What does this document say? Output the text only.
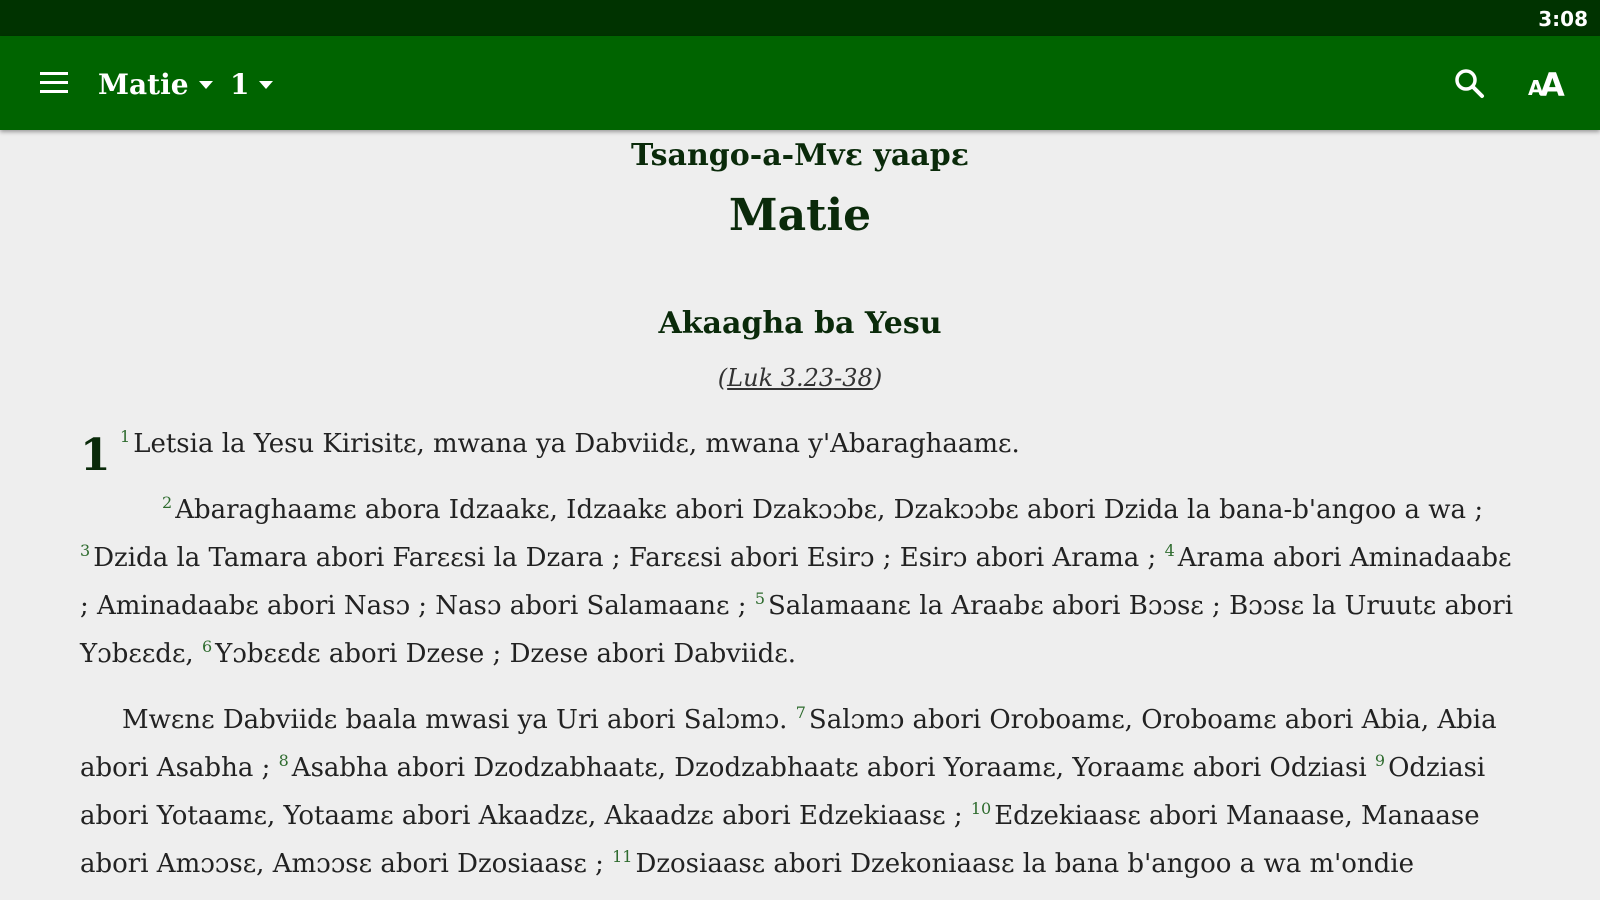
3:08
Matie 1	A
A
Tsango-a-Mvɛ yaapɛ
Matie
Akaagha ba Yesu
(Luk 3.23-38)
1 $^1$ Letsia la Yesu Kirisitɛ, mwana ya Dabviidɛ, mwana y'Abaraghaamɛ.
$^2$ Abaraghaamɛ abora Idzaakɛ, Idzaakɛ abori Dzakɔɔbɛ, Dzakɔɔbɛ abori Dzida la bana-b'angoo a wa ; $^3$ Dzida la Tamara abori Farɛɛsi la Dzara ; Farɛɛsi abori Esirɔ ; Esirɔ abori Arama ; $^4$ Arama abori Aminadaabɛ ; Aminadaabɛ abori Nasɔ ; Nasɔ abori Salamaanɛ ; $^5$ Salamaanɛ la Araabɛ abori Bɔɔsɛ ; Bɔɔsɛ la Uruutɛ abori Yɔbɛɛdɛ, $^6$ Yɔbɛɛdɛ abori Dzese ; Dzese abori Dabviidɛ.
Mwɛnɛ Dabviidɛ baala mwasi ya Uri abori Salɔmɔ. $^7$ Salɔmɔ abori Oroboamɛ, Oroboamɛ abori Abia, Abia abori Asabha ; $^8$ Asabha abori Dzodzabhaatɛ, Dzodzabhaatɛ abori Yoraamɛ, Yoraamɛ abori Odziasi $^9$ Odziasi abori Yotaamɛ, Yotaamɛ abori Akaadzɛ, Akaadzɛ abori Edzekiaasɛ ; $^{10}$ Edzekiaasɛ abori Manaase, Manaase abori Amɔɔsɛ, Amɔɔsɛ abori Dzosiaasɛ ; $^{11}$ Dzosiaasɛ abori Dzekoniaasɛ la bana b'angoo a wa m'ondie
